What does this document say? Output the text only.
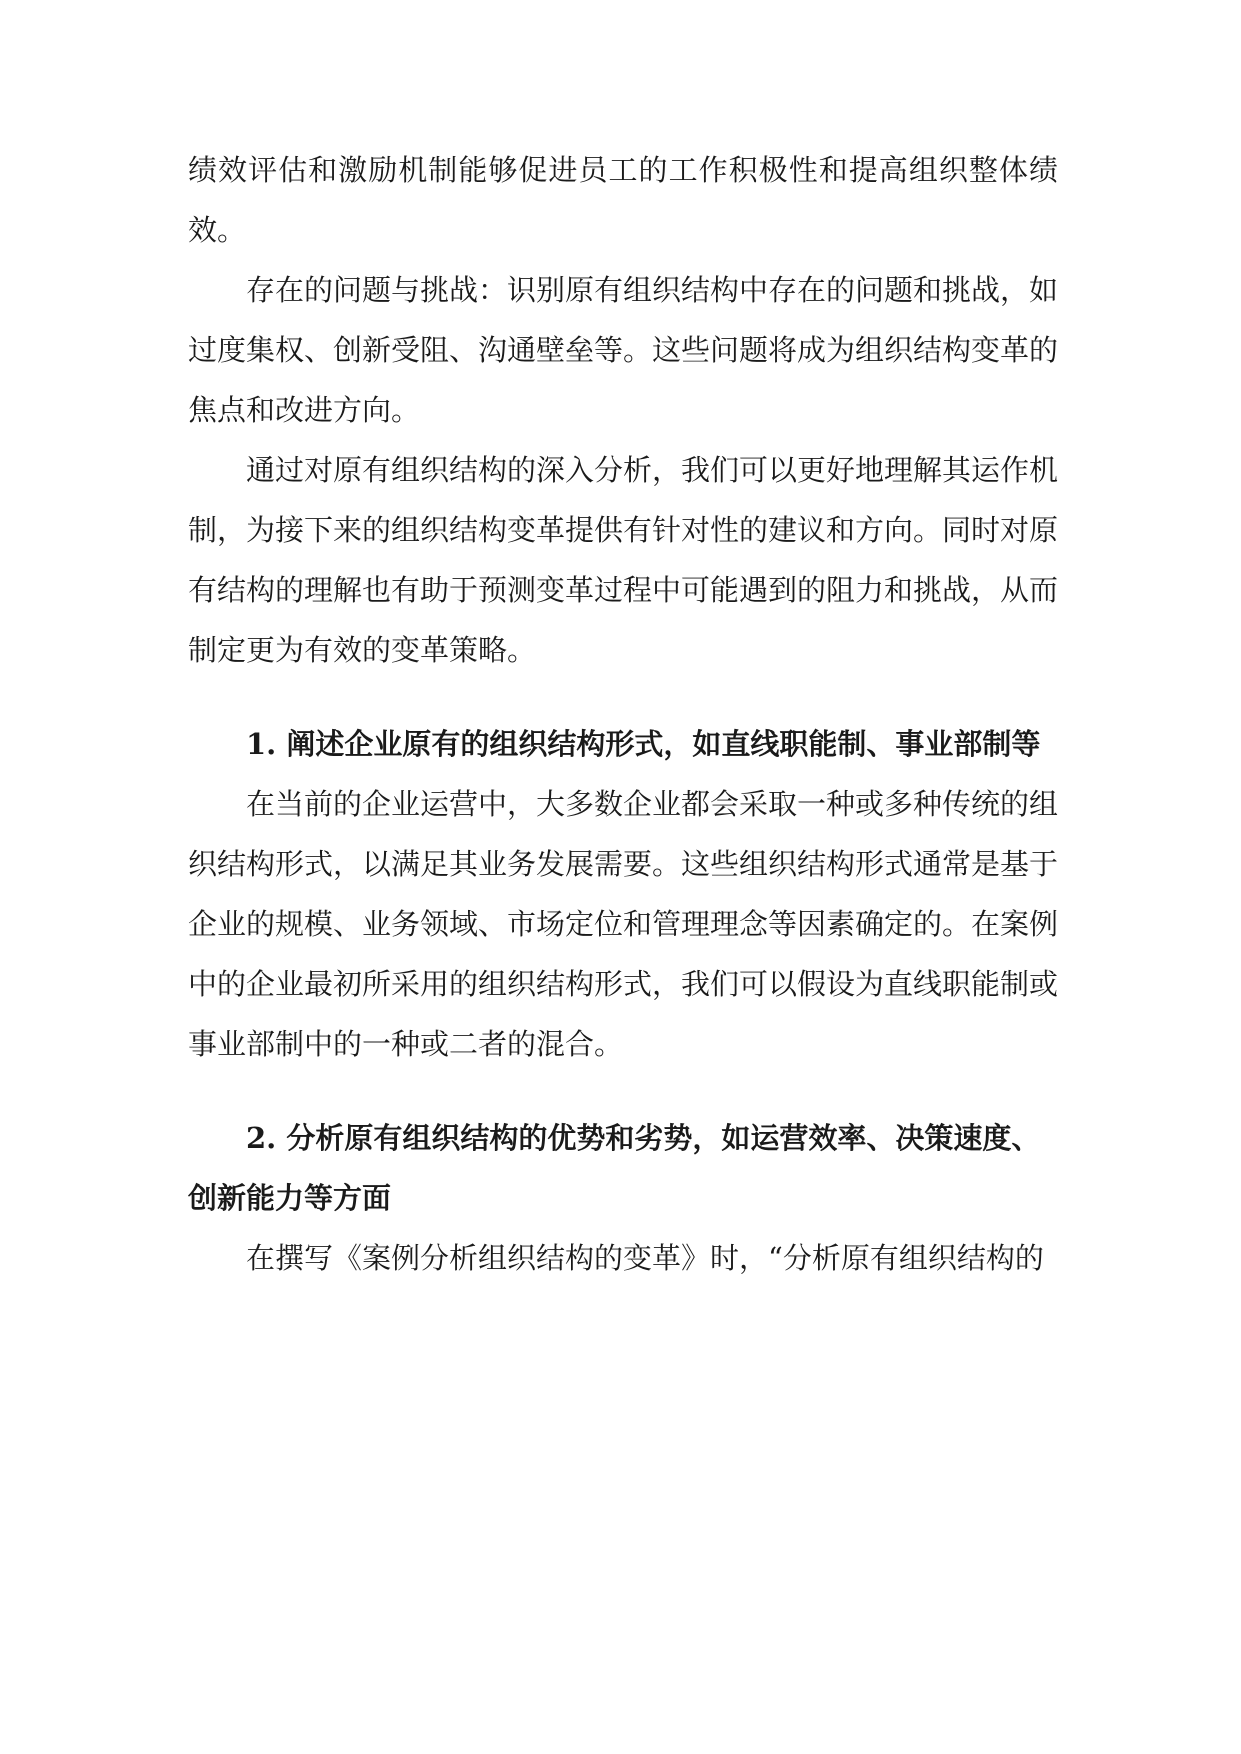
绩效评估和激励机制能够促进员工的工作积极性和提高组织整体绩效。

存在的问题与挑战：识别原有组织结构中存在的问题和挑战，如过度集权、创新受阻、沟通壁垒等。这些问题将成为组织结构变革的焦点和改进方向。

通过对原有组织结构的深入分析，我们可以更好地理解其运作机制，为接下来的组织结构变革提供有针对性的建议和方向。同时对原有结构的理解也有助于预测变革过程中可能遇到的阻力和挑战，从而制定更为有效的变革策略。

1. 阐述企业原有的组织结构形式，如直线职能制、事业部制等

在当前的企业运营中，大多数企业都会采取一种或多种传统的组织结构形式，以满足其业务发展需要。这些组织结构形式通常是基于企业的规模、业务领域、市场定位和管理理念等因素确定的。在案例中的企业最初所采用的组织结构形式，我们可以假设为直线职能制或事业部制中的一种或二者的混合。

2. 分析原有组织结构的优势和劣势，如运营效率、决策速度、创新能力等方面

在撰写《案例分析组织结构的变革》时，“分析原有组织结构的
